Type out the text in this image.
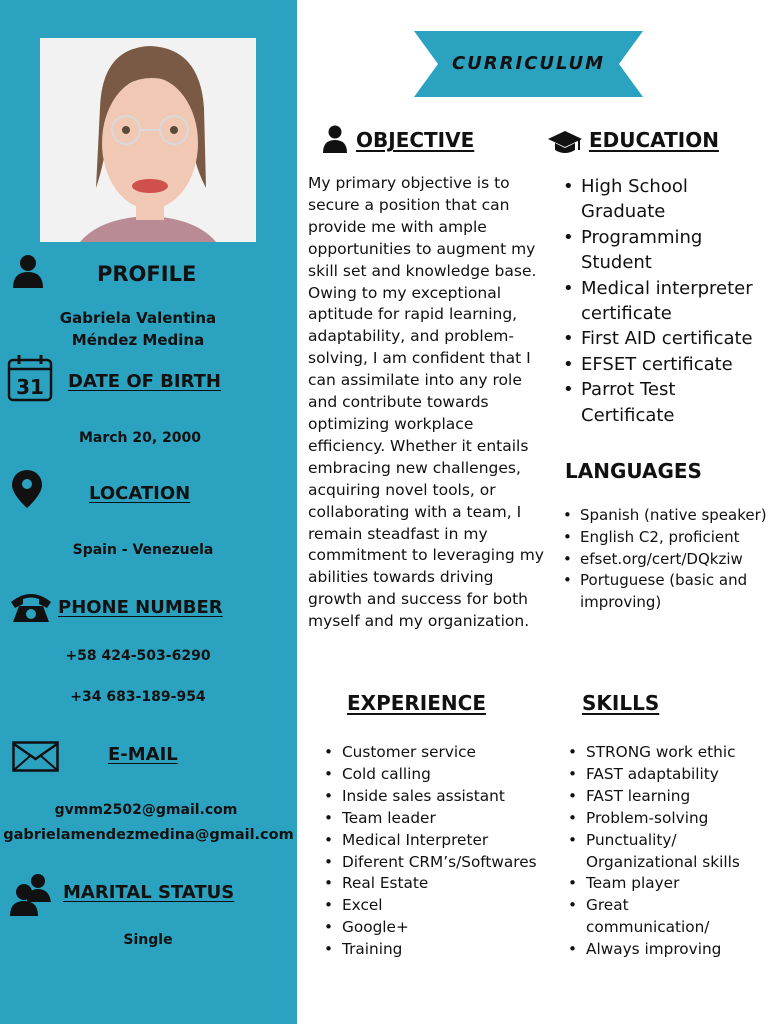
PROFILE
Gabriela Valentina
Méndez Medina
31 DATE OF BIRTH
March 20, 2000
LOCATION
Spain - Venezuela
PHONE NUMBER
+58 424-503-6290
+34 683-189-954
E-MAIL
gvmm2502@gmail.com
gabrielamendezmedina@gmail.com
MARITAL STATUS
Single
CURRICULUM
OBJECTIVE
My primary objective is to secure a position that can provide me with ample opportunities to augment my skill set and knowledge base. Owing to my exceptional aptitude for rapid learning, adaptability, and problem-solving, I am confident that I can assimilate into any role and contribute towards optimizing workplace efficiency. Whether it entails embracing new challenges, acquiring novel tools, or collaborating with a team, I remain steadfast in my commitment to leveraging my abilities towards driving growth and success for both myself and my organization.
EDUCATION
• High School Graduate
• Programming Student
• Medical interpreter certificate
• First AID certificate
• EFSET certificate
• Parrot Test Certificate
LANGUAGES
• Spanish (native speaker)
• English C2, proficient
• efset.org/cert/DQkziw
• Portuguese (basic and improving)
EXPERIENCE
• Customer service
• Cold calling
• Inside sales assistant
• Team leader
• Medical Interpreter
• Diferent CRM’s/Softwares
• Real Estate
• Excel
• Google+
• Training
SKILLS
• STRONG work ethic
• FAST adaptability
• FAST learning
• Problem-solving
• Punctuality/ Organizational skills
• Team player
• Great communication/
• Always improving
